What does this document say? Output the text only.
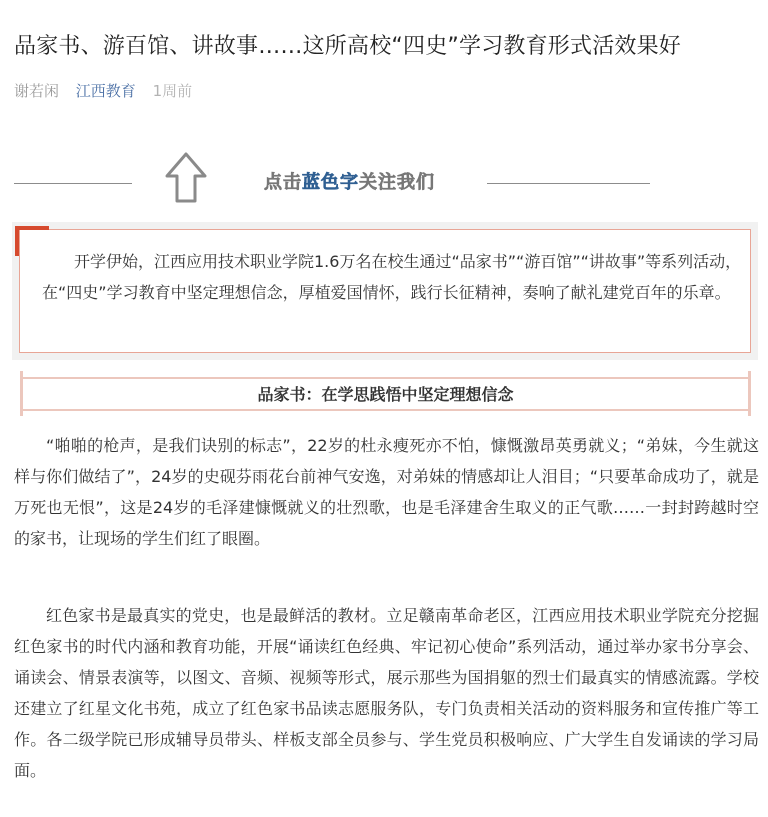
品家书、游百馆、讲故事……这所高校“四史”学习教育形式活效果好
谢若闲 江西教育 1周前
点击蓝色字关注我们
开学伊始，江西应用技术职业学院1.6万名在校生通过“品家书”“游百馆”“讲故事”等系列活动，在“四史”学习教育中坚定理想信念，厚植爱国情怀，践行长征精神，奏响了献礼建党百年的乐章。
品家书：在学思践悟中坚定理想信念
“啪啪的枪声，是我们诀别的标志”，22岁的杜永瘦死亦不怕，慷慨激昂英勇就义；“弟妹，今生就这样与你们做结了”，24岁的史砚芬雨花台前神气安逸，对弟妹的情感却让人泪目；“只要革命成功了，就是万死也无恨”，这是24岁的毛泽建慷慨就义的壮烈歌，也是毛泽建舍生取义的正气歌……一封封跨越时空的家书，让现场的学生们红了眼圈。
红色家书是最真实的党史，也是最鲜活的教材。立足赣南革命老区，江西应用技术职业学院充分挖掘红色家书的时代内涵和教育功能，开展“诵读红色经典、牢记初心使命”系列活动，通过举办家书分享会、诵读会、情景表演等，以图文、音频、视频等形式，展示那些为国捐躯的烈士们最真实的情感流露。学校还建立了红星文化书苑，成立了红色家书品读志愿服务队，专门负责相关活动的资料服务和宣传推广等工作。各二级学院已形成辅导员带头、样板支部全员参与、学生党员积极响应、广大学生自发诵读的学习局面。
